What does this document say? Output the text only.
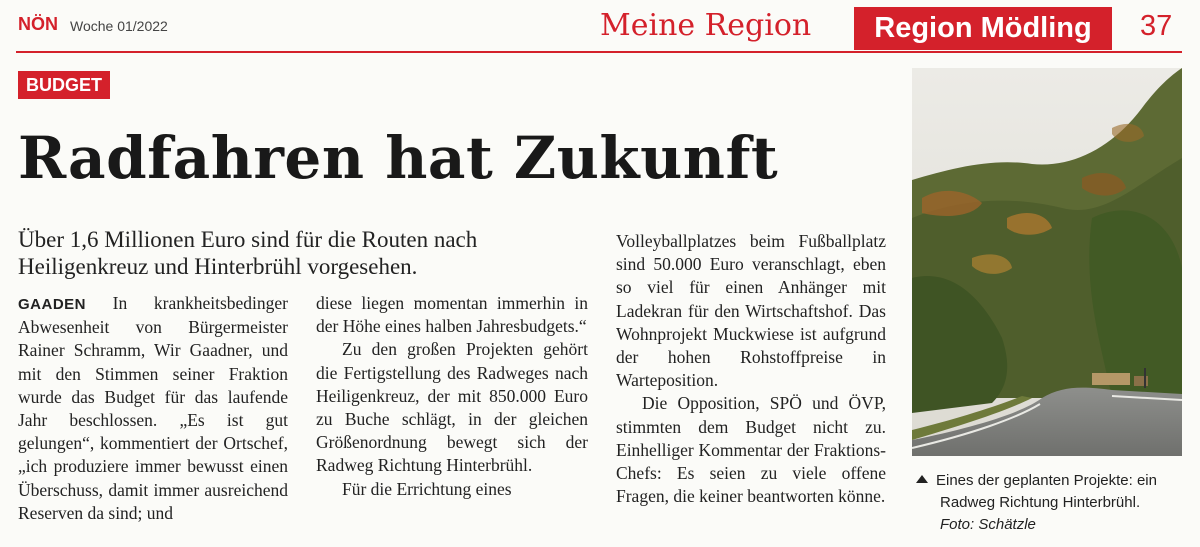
NÖN Woche 01/2022	Meine Region	Region Mödling	37
BUDGET
Radfahren hat Zukunft
Über 1,6 Millionen Euro sind für die Routen nach Heiligenkreuz und Hinterbrühl vorgesehen.

GAADEN In krankheitsbedinger Abwesenheit von Bürgermeister Rainer Schramm, Wir Gaadner, und mit den Stimmen seiner Fraktion wurde das Budget für das laufende Jahr beschlossen. „Es ist gut gelungen“, kommentiert der Ortschef, „ich produziere immer bewusst einen Überschuss, damit immer ausreichend Reserven da sind; und

diese liegen momentan immerhin in der Höhe eines halben Jahresbudgets.“

Zu den großen Projekten gehört die Fertigstellung des Radweges nach Heiligenkreuz, der mit 850.000 Euro zu Buche schlägt, in der gleichen Größenordnung bewegt sich der Radweg Richtung Hinterbrühl.

Für die Errichtung eines

Volleyballplatzes beim Fußballplatz sind 50.000 Euro veranschlagt, eben so viel für einen Anhänger mit Ladekran für den Wirtschaftshof. Das Wohnprojekt Muckwiese ist aufgrund der hohen Rohstoffpreise in Warteposition.

Die Opposition, SPÖ und ÖVP, stimmten dem Budget nicht zu. Einhelliger Kommentar der Fraktions-Chefs: Es seien zu viele offene Fragen, die keiner beantworten könne.

Eines der geplanten Projekte: ein
Radweg Richtung Hinterbrühl.
Foto: Schätzle
